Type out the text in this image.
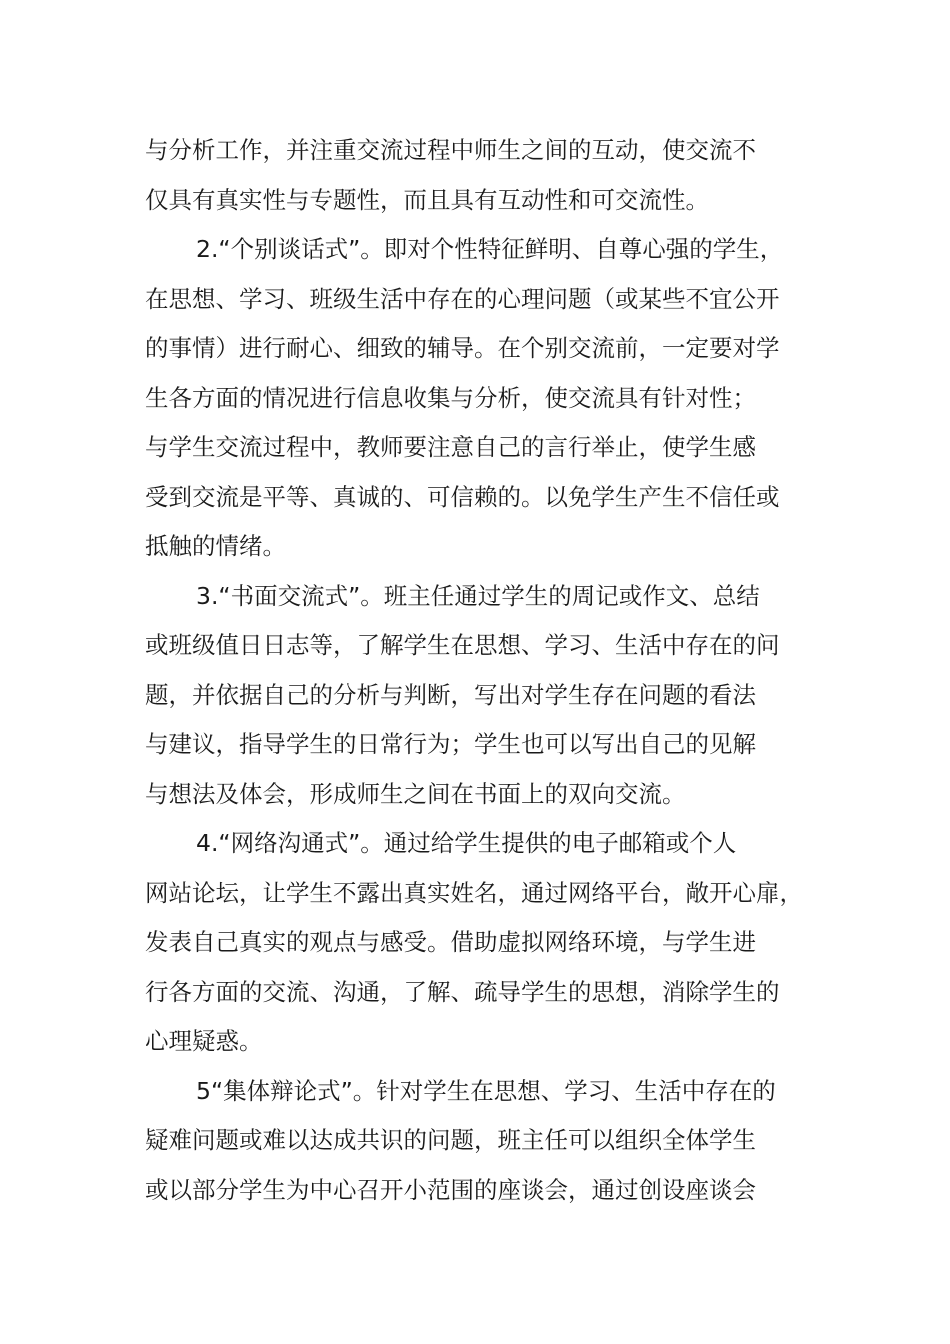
与分析工作，并注重交流过程中师生之间的互动，使交流不
仅具有真实性与专题性，而且具有互动性和可交流性。
2.“个别谈话式”。即对个性特征鲜明、自尊心强的学生，
在思想、学习、班级生活中存在的心理问题（或某些不宜公开
的事情）进行耐心、细致的辅导。在个别交流前，一定要对学
生各方面的情况进行信息收集与分析，使交流具有针对性；
与学生交流过程中，教师要注意自己的言行举止，使学生感
受到交流是平等、真诚的、可信赖的。以免学生产生不信任或
抵触的情绪。
3.“书面交流式”。班主任通过学生的周记或作文、总结
或班级值日日志等，了解学生在思想、学习、生活中存在的问
题，并依据自己的分析与判断，写出对学生存在问题的看法
与建议，指导学生的日常行为；学生也可以写出自己的见解
与想法及体会，形成师生之间在书面上的双向交流。
4.“网络沟通式”。通过给学生提供的电子邮箱或个人
网站论坛，让学生不露出真实姓名，通过网络平台，敞开心扉，
发表自己真实的观点与感受。借助虚拟网络环境，与学生进
行各方面的交流、沟通，了解、疏导学生的思想，消除学生的
心理疑惑。
5“集体辩论式”。针对学生在思想、学习、生活中存在的
疑难问题或难以达成共识的问题，班主任可以组织全体学生
或以部分学生为中心召开小范围的座谈会，通过创设座谈会
